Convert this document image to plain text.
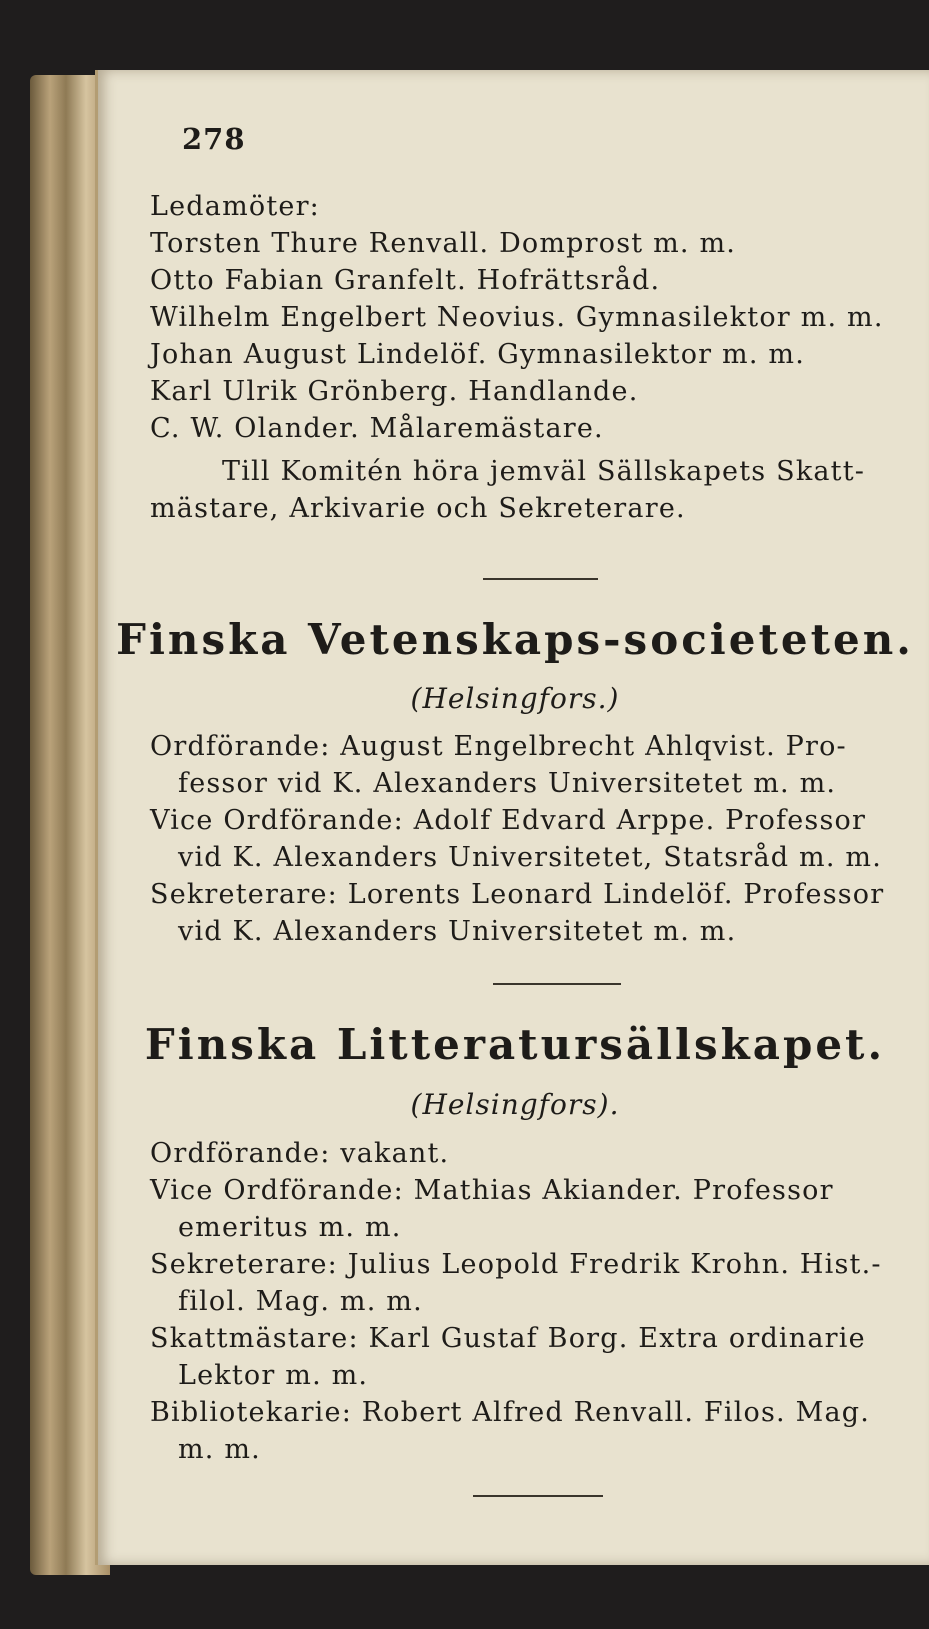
278
Ledamöter:
Torsten Thure Renvall. Domprost m. m.
Otto Fabian Granfelt. Hofrättsråd.
Wilhelm Engelbert Neovius. Gymnasilektor m. m.
Johan August Lindelöf. Gymnasilektor m. m.
Karl Ulrik Grönberg. Handlande.
C. W. Olander. Målaremästare.
Till Komitén höra jemväl Sällskapets Skatt-
mästare, Arkivarie och Sekreterare.
Finska Vetenskaps-societeten.
(Helsingfors.)
Ordförande: August Engelbrecht Ahlqvist. Pro-
fessor vid K. Alexanders Universitetet m. m.
Vice Ordförande: Adolf Edvard Arppe. Professor
vid K. Alexanders Universitetet, Statsråd m. m.
Sekreterare: Lorents Leonard Lindelöf. Professor
vid K. Alexanders Universitetet m. m.
Finska Litteratursällskapet.
(Helsingfors).
Ordförande: vakant.
Vice Ordförande: Mathias Akiander. Professor
emeritus m. m.
Sekreterare: Julius Leopold Fredrik Krohn. Hist.-
filol. Mag. m. m.
Skattmästare: Karl Gustaf Borg. Extra ordinarie
Lektor m. m.
Bibliotekarie: Robert Alfred Renvall. Filos. Mag.
m. m.
